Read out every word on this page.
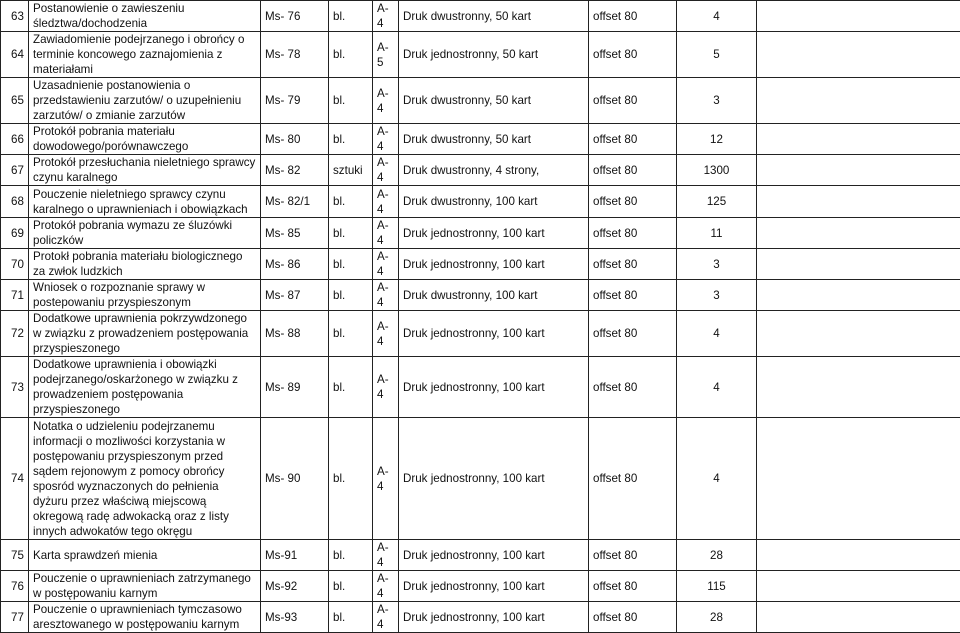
63	Postanowienie o zawieszeniu śledztwa/dochodzenia	Ms- 76	bl.	A-4	Druk dwustronny, 50 kart	offset 80	4	
64	Zawiadomienie podejrzanego i obrońcy o terminie koncowego zaznajomienia z materiałami	Ms- 78	bl.	A-5	Druk jednostronny, 50 kart	offset 80	5	
65	Uzasadnienie postanowienia o przedstawieniu zarzutów/ o uzupełnieniu zarzutów/ o zmianie zarzutów	Ms- 79	bl.	A-4	Druk dwustronny, 50 kart	offset 80	3	
66	Protokół pobrania materiału dowodowego/porównawczego	Ms- 80	bl.	A-4	Druk dwustronny, 50 kart	offset 80	12	
67	Protokół przesłuchania nieletniego sprawcy czynu karalnego	Ms- 82	sztuki	A-4	Druk dwustronny, 4 strony,	offset 80	1300	
68	Pouczenie nieletniego sprawcy czynu karalnego o uprawnieniach i obowiązkach	Ms- 82/1	bl.	A-4	Druk dwustronny, 100 kart	offset 80	125	
69	Protokół pobrania wymazu ze śluzówki policzków	Ms- 85	bl.	A-4	Druk jednostronny, 100 kart	offset 80	11	
70	Protokł pobrania materiału biologicznego za zwłok ludzkich	Ms- 86	bl.	A-4	Druk jednostronny, 100 kart	offset 80	3	
71	Wniosek o rozpoznanie sprawy w postepowaniu przyspieszonym	Ms- 87	bl.	A-4	Druk dwustronny, 100 kart	offset 80	3	
72	Dodatkowe uprawnienia pokrzywdzonego w związku z prowadzeniem postępowania przyspieszonego	Ms- 88	bl.	A-4	Druk jednostronny, 100 kart	offset 80	4	
73	Dodatkowe uprawnienia i obowiązki podejrzanego/oskarżonego w związku z prowadzeniem postępowania przyspieszonego	Ms- 89	bl.	A-4	Druk jednostronny, 100 kart	offset 80	4	
74	Notatka o udzieleniu podejrzanemu informacji o mozliwości korzystania w postępowaniu przyspieszonym przed sądem rejonowym z pomocy obrońcy sposród wyznaczonych do pełnienia dyżuru przez właściwą miejscową okregową radę adwokacką oraz z listy innych adwokatów tego okręgu	Ms- 90	bl.	A-4	Druk jednostronny, 100 kart	offset 80	4	
75	Karta sprawdzeń mienia	Ms-91	bl.	A-4	Druk jednostronny, 100 kart	offset 80	28	
76	Pouczenie o uprawnieniach zatrzymanego w postępowaniu karnym	Ms-92	bl.	A-4	Druk jednostronny, 100 kart	offset 80	115	
77	Pouczenie o uprawnieniach tymczasowo aresztowanego w postępowaniu karnym	Ms-93	bl.	A-4	Druk jednostronny, 100 kart	offset 80	28	
